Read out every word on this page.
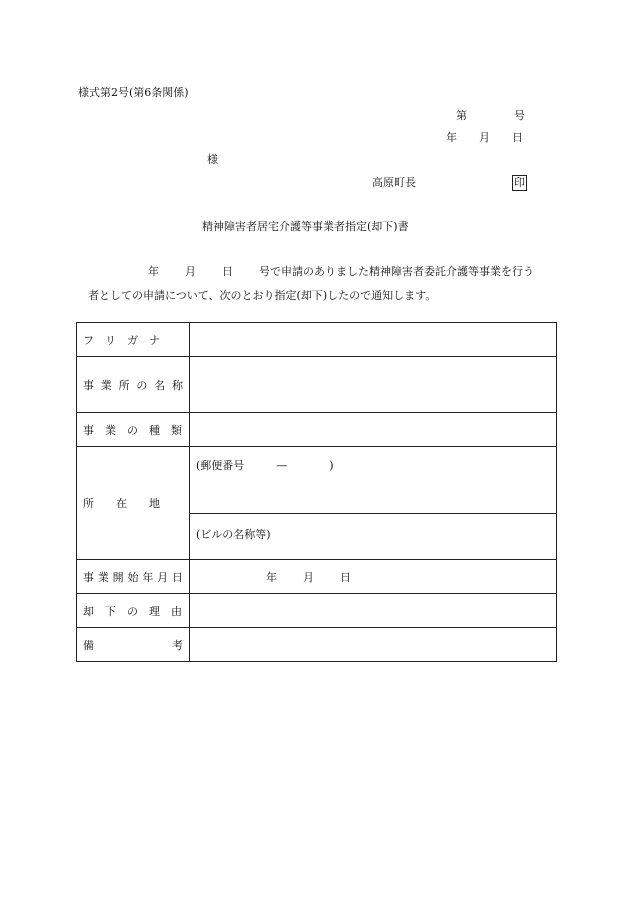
様式第2号(第6条関係)
第	号
年 月 日
様
高原町長	印
精神障害者居宅介護等事業者指定(却下)書
年 月 日 号で申請のありました精神障害者委託介護等事業を行う
者としての申請について、次のとおり指定(却下)したので通知します。
フ　リ　ガ　ナ	

事業所の名称	

事　業　の　種　類	

所　　在　　地	(郵便番号 — )
	(ビルの名称等)

事業開始年月日	年 月 日

却　下　の　理　由	

備 考	
